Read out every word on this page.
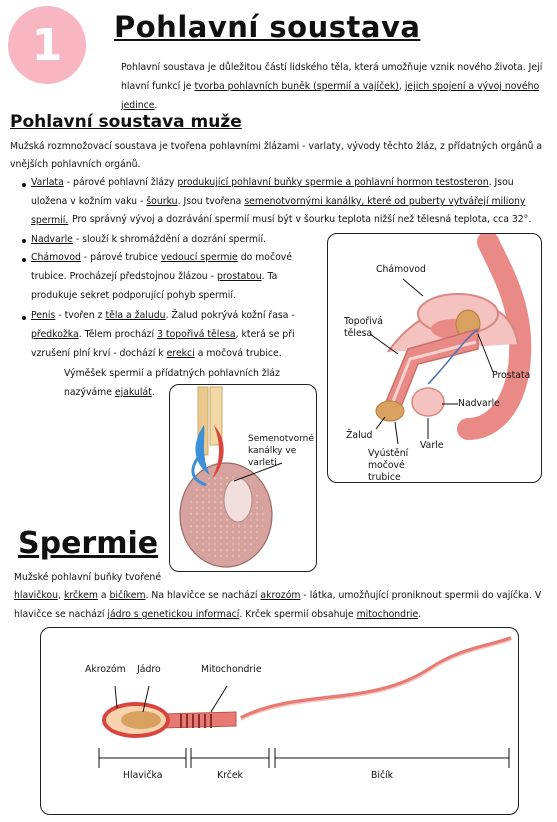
1 Pohlavní soustava
Pohlavní soustava je důležitou částí lidského těla, která umožňuje vznik nového života. Její hlavní funkcí je tvorba pohlavních buněk (spermií a vajíček), jejich spojení a vývoj nového jedince.
Pohlavní soustava muže
Mužská rozmnožovací soustava je tvořena pohlavními žlázami - varlaty, vývody těchto žláz, z přídatných orgánů a vnějších pohlavních orgánů.
Varlata - párové pohlavní žlázy produkující pohlavní buňky spermie a pohlavní hormon testosteron. Jsou uložena v kožním vaku - šourku. Jsou tvořena semenotvornými kanálky, které od puberty vytvářejí miliony spermií. Pro správný vývoj a dozrávání spermií musí být v šourku teplota nižší než tělesná teplota, cca 32°.
Nadvarle - slouží k shromáždění a dozrání spermií.
Chámovod - párové trubice vedoucí spermie do močové trubice. Procházejí předstojnou žlázou - prostatou. Ta produkuje sekret podporující pohyb spermií.
Penis - tvořen z těla a žaludu. Žalud pokrývá kožní řasa - předkožka. Tělem prochází 3 topořivá tělesa, která se při vzrušení plní krví - dochází k erekci a močová trubice.
Výměšek spermií a přídatných pohlavních žláz nazýváme ejakulát.
Semenotvorné kanálky ve varleti
Chámovod
Topořivá tělesa
Prostata
Nadvarle
Žalud
Varle
Vyústění močové trubice
Spermie
Mužské pohlavní buňky tvořené
hlavičkou, krčkem a bičíkem. Na hlavičce se nachází akrozóm - látka, umožňující proniknout spermii do vajíčka. V hlavičce se nachází jádro s genetickou informací. Krček spermií obsahuje mitochondrie.
Akrozóm Jádro	Mitochondrie
Hlavička	Krček	Bičík
